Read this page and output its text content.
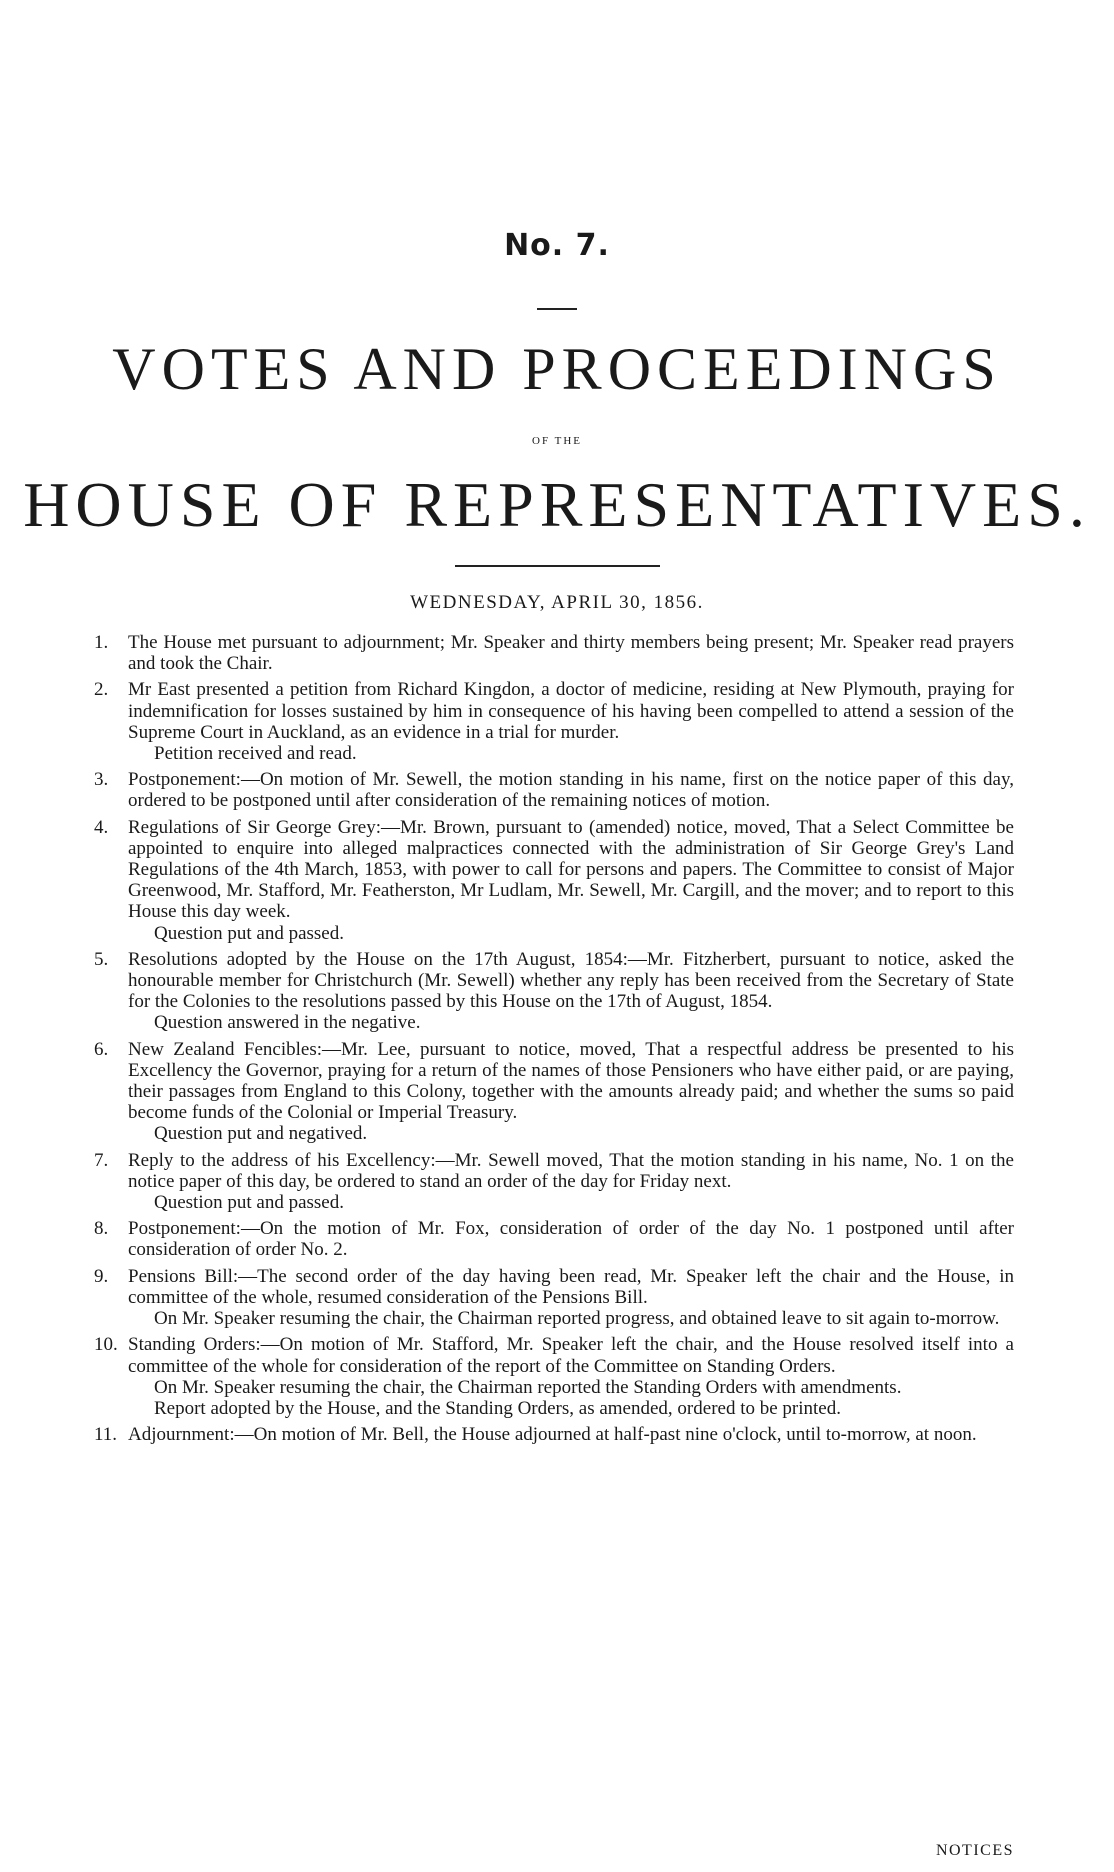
No. 7.
VOTES AND PROCEEDINGS
OF THE
HOUSE OF REPRESENTATIVES.
WEDNESDAY, APRIL 30, 1856.
1. The House met pursuant to adjournment; Mr. Speaker and thirty members being present; Mr. Speaker read prayers and took the Chair.
2. Mr East presented a petition from Richard Kingdon, a doctor of medicine, residing at New Plymouth, praying for indemnification for losses sustained by him in consequence of his having been compelled to attend a session of the Supreme Court in Auckland, as an evidence in a trial for murder.
Petition received and read.
3. Postponement:—On motion of Mr. Sewell, the motion standing in his name, first on the notice paper of this day, ordered to be postponed until after consideration of the remaining notices of motion.
4. Regulations of Sir George Grey:—Mr. Brown, pursuant to (amended) notice, moved, That a Select Committee be appointed to enquire into alleged malpractices connected with the administration of Sir George Grey's Land Regulations of the 4th March, 1853, with power to call for persons and papers. The Committee to consist of Major Greenwood, Mr. Stafford, Mr. Featherston, Mr Ludlam, Mr. Sewell, Mr. Cargill, and the mover; and to report to this House this day week.
Question put and passed.
5. Resolutions adopted by the House on the 17th August, 1854:—Mr. Fitzherbert, pursuant to notice, asked the honourable member for Christchurch (Mr. Sewell) whether any reply has been received from the Secretary of State for the Colonies to the resolutions passed by this House on the 17th of August, 1854.
Question answered in the negative.
6. New Zealand Fencibles:—Mr. Lee, pursuant to notice, moved, That a respectful address be presented to his Excellency the Governor, praying for a return of the names of those Pensioners who have either paid, or are paying, their passages from England to this Colony, together with the amounts already paid; and whether the sums so paid become funds of the Colonial or Imperial Treasury.
Question put and negatived.
7. Reply to the address of his Excellency:—Mr. Sewell moved, That the motion standing in his name, No. 1 on the notice paper of this day, be ordered to stand an order of the day for Friday next.
Question put and passed.
8. Postponement:—On the motion of Mr. Fox, consideration of order of the day No. 1 postponed until after consideration of order No. 2.
9. Pensions Bill:—The second order of the day having been read, Mr. Speaker left the chair and the House, in committee of the whole, resumed consideration of the Pensions Bill.
On Mr. Speaker resuming the chair, the Chairman reported progress, and obtained leave to sit again to-morrow.
10. Standing Orders:—On motion of Mr. Stafford, Mr. Speaker left the chair, and the House resolved itself into a committee of the whole for consideration of the report of the Committee on Standing Orders.
On Mr. Speaker resuming the chair, the Chairman reported the Standing Orders with amendments.
Report adopted by the House, and the Standing Orders, as amended, ordered to be printed.
11. Adjournment:—On motion of Mr. Bell, the House adjourned at half-past nine o'clock, until to-morrow, at noon.
NOTICES
